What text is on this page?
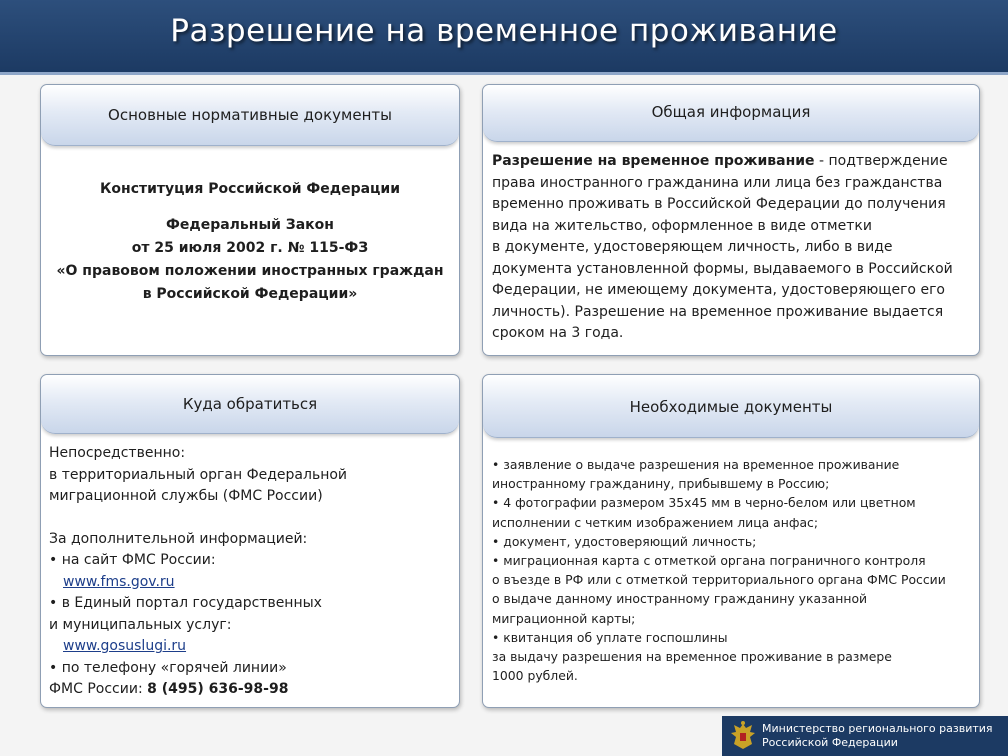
Разрешение на временное проживание
Основные нормативные документы
Конституция Российской Федерации
Федеральный Закон
от 25 июля 2002 г. № 115-ФЗ
«О правовом положении иностранных граждан
в Российской Федерации»
Общая информация
Разрешение на временное проживание - подтверждение
права иностранного гражданина или лица без гражданства
временно проживать в Российской Федерации до получения
вида на жительство, оформленное в виде отметки
в документе, удостоверяющем личность, либо в виде
документа установленной формы, выдаваемого в Российской
Федерации, не имеющему документа, удостоверяющего его
личность). Разрешение на временное проживание выдается
сроком на 3 года.
Куда обратиться
Непосредственно:
в территориальный орган Федеральной
миграционной службы (ФМС России)
За дополнительной информацией:
• на сайт ФМС России:
www.fms.gov.ru
• в Единый портал государственных
и муниципальных услуг:
www.gosuslugi.ru
• по телефону «горячей линии»
ФМС России: 8 (495) 636-98-98
Необходимые документы
• заявление о выдаче разрешения на временное проживание
иностранному гражданину, прибывшему в Россию;
• 4 фотографии размером 35х45 мм в черно-белом или цветном
исполнении с четким изображением лица анфас;
• документ, удостоверяющий личность;
• миграционная карта с отметкой органа пограничного контроля
о въезде в РФ или с отметкой территориального органа ФМС России
о выдаче данному иностранному гражданину указанной
миграционной карты;
• квитанция об уплате госпошлины
за выдачу разрешения на временное проживание в размере
1000 рублей.
Министерство регионального развития
Российской Федерации
